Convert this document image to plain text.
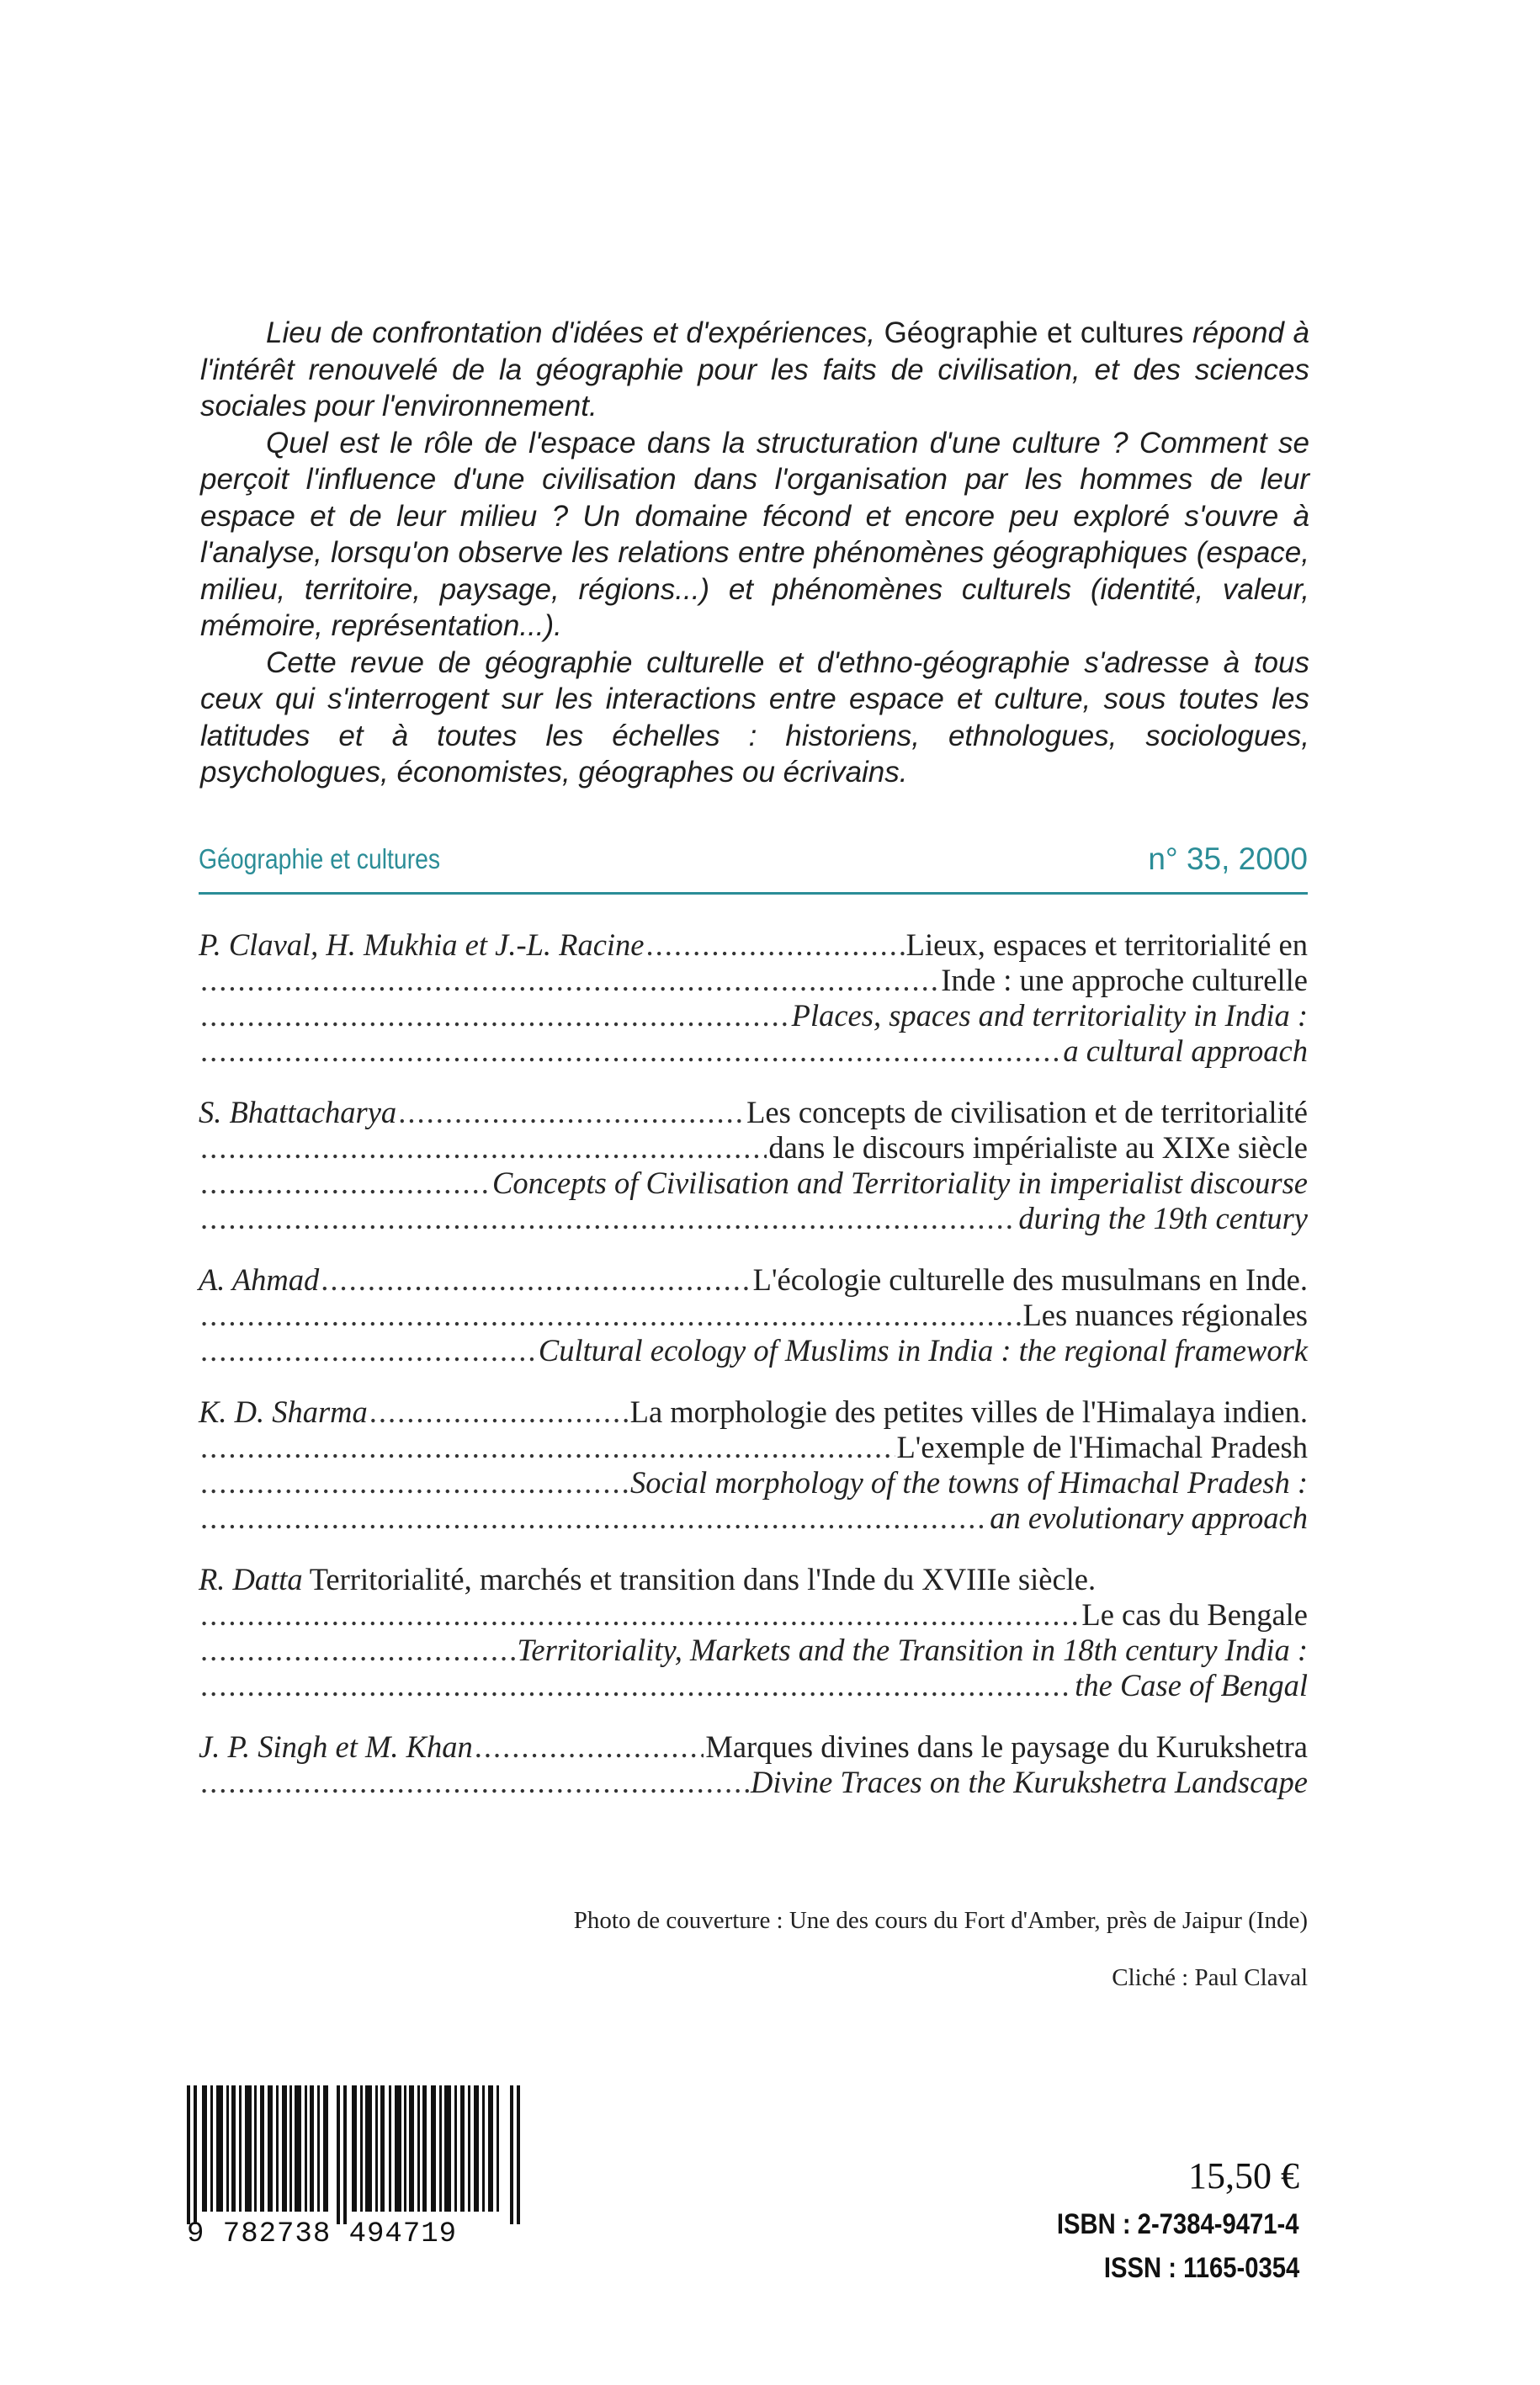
Lieu de confrontation d'idées et d'expériences, Géographie et cultures répond à l'intérêt renouvelé de la géographie pour les faits de civilisation, et des sciences sociales pour l'environnement.

Quel est le rôle de l'espace dans la structuration d'une culture ? Comment se perçoit l'influence d'une civilisation dans l'organisation par les hommes de leur espace et de leur milieu ? Un domaine fécond et encore peu exploré s'ouvre à l'analyse, lorsqu'on observe les relations entre phénomènes géographiques (espace, milieu, territoire, paysage, régions...) et phénomènes culturels (identité, valeur, mémoire, représentation...).

Cette revue de géographie culturelle et d'ethno-géographie s'adresse à tous ceux qui s'interrogent sur les interactions entre espace et culture, sous toutes les latitudes et à toutes les échelles : historiens, ethnologues, sociologues, psychologues, économistes, géographes ou écrivains.

Géographie et cultures	n° 35, 2000
P. Claval, H. Mukhia et J.-L. Racine .....	Lieux, espaces et territorialité en
.....
Inde : une approche culturelle
.....
Places, spaces and territoriality in India :
.....
a cultural approach
S. Bhattacharya .....	Les concepts de civilisation et de territorialité
.....
dans le discours impérialiste au XIXe siècle
.....
Concepts of Civilisation and Territoriality in imperialist discourse
.....
during the 19th century
A. Ahmad .....	L'écologie culturelle des musulmans en Inde.
.....
Les nuances régionales
.....
Cultural ecology of Muslims in India : the regional framework
K. D. Sharma .....	La morphologie des petites villes de l'Himalaya indien.
.....
L'exemple de l'Himachal Pradesh
.....
Social morphology of the towns of Himachal Pradesh :
.....
an evolutionary approach
R. Datta Territorialité, marchés et transition dans l'Inde du XVIIIe siècle.
.....
Le cas du Bengale
.....
Territoriality, Markets and the Transition in 18th century India :
.....
the Case of Bengal
J. P. Singh et M. Khan .....	Marques divines dans le paysage du Kurukshetra
.....
Divine Traces on the Kurukshetra Landscape
Photo de couverture : Une des cours du Fort d'Amber, près de Jaipur (Inde)
Cliché : Paul Claval
9 782738 494719
15,50 €
ISBN : 2-7384-9471-4
ISSN : 1165-0354
